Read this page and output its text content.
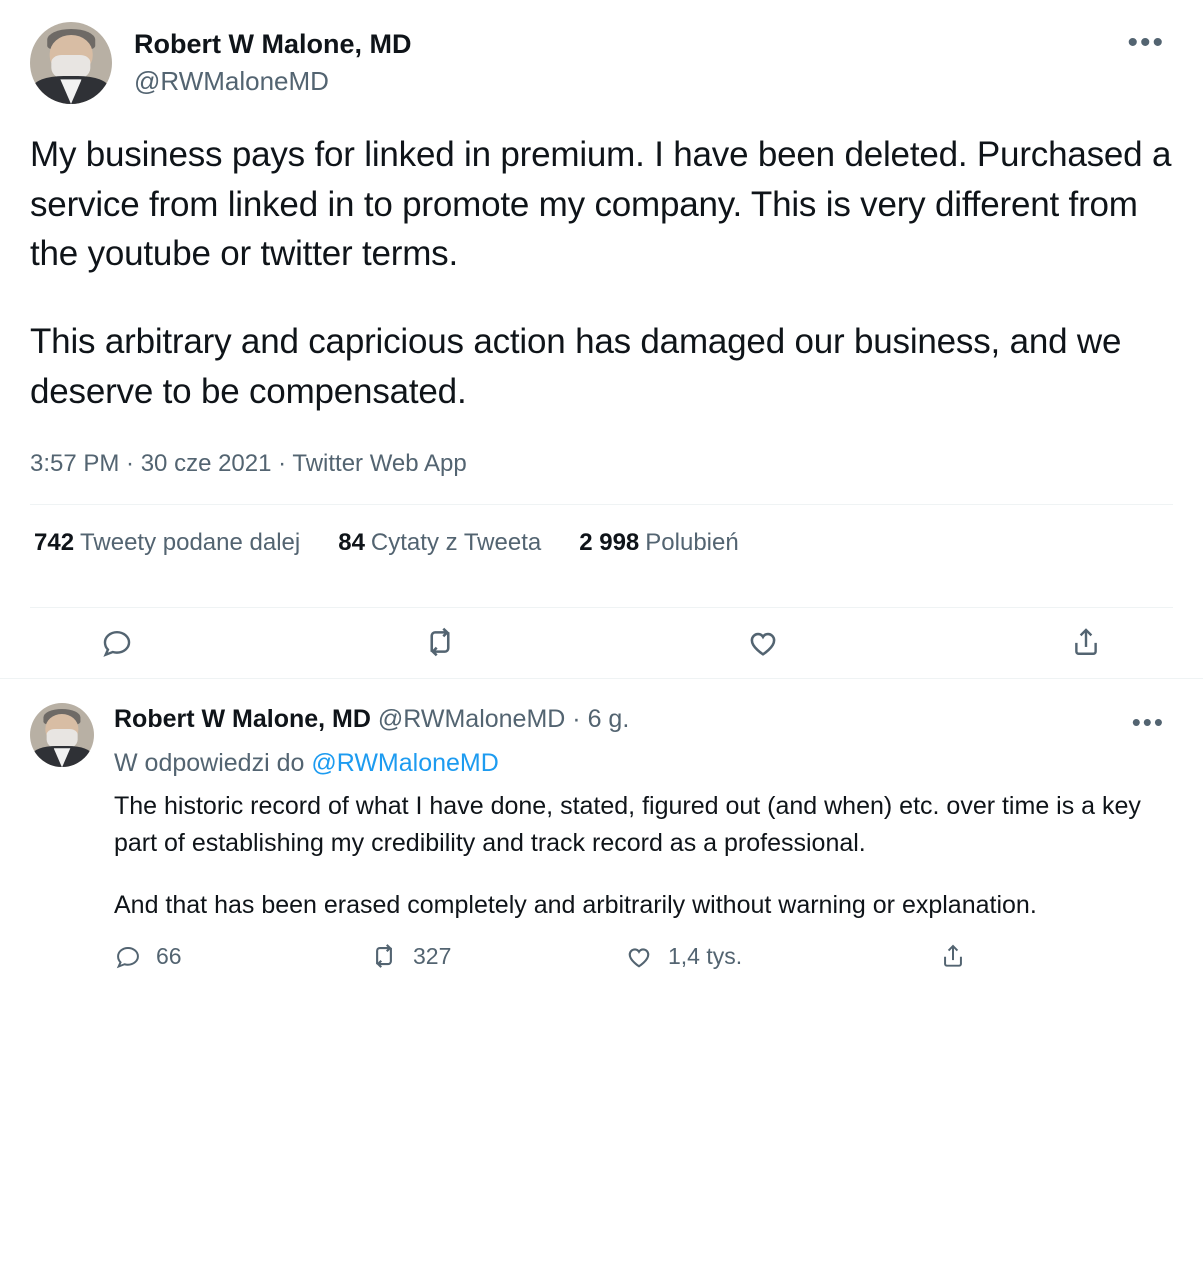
Robert W Malone, MD
@RWMaloneMD
•••

My business pays for linked in premium. I have been deleted. Purchased a service from linked in to promote my company. This is very different from the youtube or twitter terms.

This arbitrary and capricious action has damaged our business, and we deserve to be compensated.

3:57 PM · 30 cze 2021 · Twitter Web App
742 Tweety podane dalej 84 Cytaty z Tweeta 2 998 Polubień
Robert W Malone, MD @RWMaloneMD · 6 g.	•••
W odpowiedzi do @RWMaloneMD

The historic record of what I have done, stated, figured out (and when) etc. over time is a key part of establishing my credibility and track record as a professional.

And that has been erased completely and arbitrarily without warning or explanation.

66	327	1,4 tys.
